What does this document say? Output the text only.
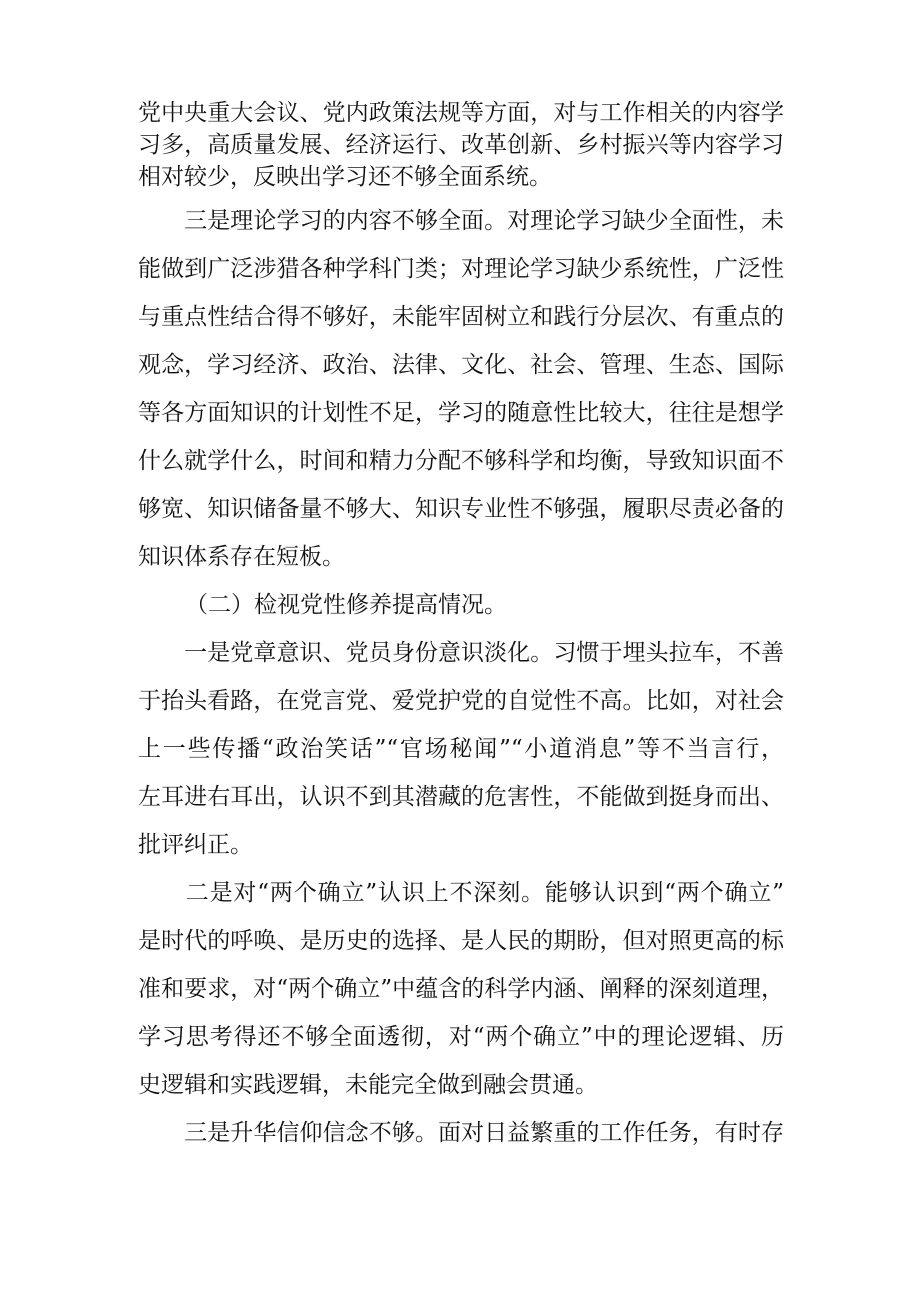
党中央重大会议、党内政策法规等方面，对与工作相关的内容学
习多，高质量发展、经济运行、改革创新、乡村振兴等内容学习
相对较少，反映出学习还不够全面系统。
　　三是理论学习的内容不够全面。对理论学习缺少全面性，未
能做到广泛涉猎各种学科门类；对理论学习缺少系统性，广泛性
与重点性结合得不够好，未能牢固树立和践行分层次、有重点的
观念，学习经济、政治、法律、文化、社会、管理、生态、国际
等各方面知识的计划性不足，学习的随意性比较大，往往是想学
什么就学什么，时间和精力分配不够科学和均衡，导致知识面不
够宽、知识储备量不够大、知识专业性不够强，履职尽责必备的
知识体系存在短板。
（二）检视党性修养提高情况。
　　一是党章意识、党员身份意识淡化。习惯于埋头拉车，不善
于抬头看路，在党言党、爱党护党的自觉性不高。比如，对社会
上一些传播“政治笑话”“官场秘闻”“小道消息”等不当言行，
左耳进右耳出，认识不到其潜藏的危害性，不能做到挺身而出、
批评纠正。
　　二是对“两个确立”认识上不深刻。能够认识到“两个确立”
是时代的呼唤、是历史的选择、是人民的期盼，但对照更高的标
准和要求，对“两个确立”中蕴含的科学内涵、阐释的深刻道理，
学习思考得还不够全面透彻，对“两个确立”中的理论逻辑、历
史逻辑和实践逻辑，未能完全做到融会贯通。
　　三是升华信仰信念不够。面对日益繁重的工作任务，有时存
